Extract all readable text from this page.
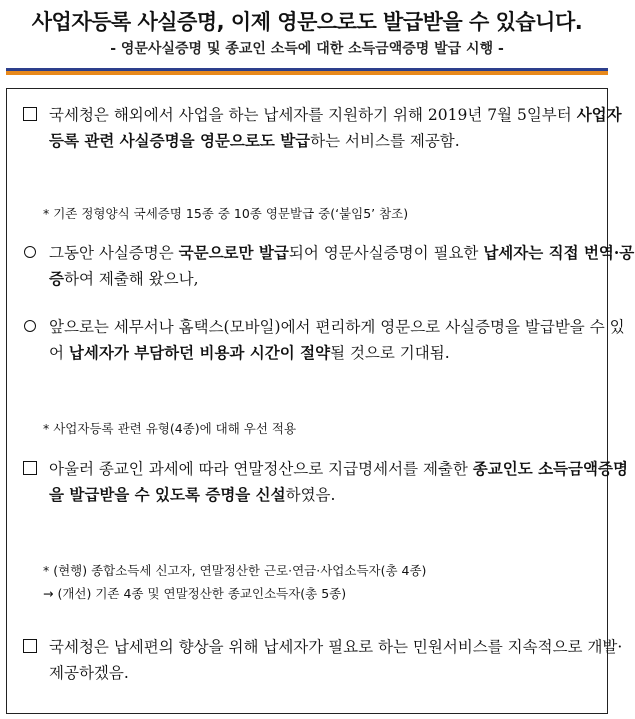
사업자등록 사실증명, 이제 영문으로도 발급받을 수 있습니다.
- 영문사실증명 및 종교인 소득에 대한 소득금액증명 발급 시행 -
국세청은 해외에서 사업을 하는 납세자를 지원하기 위해 2019년 7월 5일부터 사업자등록 관련 사실증명을 영문으로도 발급하는 서비스를 제공함.
* 기존 정형양식 국세증명 15종 중 10종 영문발급 중(‘붙임5’ 참조)
그동안 사실증명은 국문으로만 발급되어 영문사실증명이 필요한 납세자는 직접 번역·공증하여 제출해 왔으나,
앞으로는 세무서나 홈택스(모바일)에서 편리하게 영문으로 사실증명을 발급받을 수 있어 납세자가 부담하던 비용과 시간이 절약될 것으로 기대됨.
* 사업자등록 관련 유형(4종)에 대해 우선 적용
아울러 종교인 과세에 따라 연말정산으로 지급명세서를 제출한 종교인도 소득금액증명을 발급받을 수 있도록 증명을 신설하였음.
* (현행) 종합소득세 신고자, 연말정산한 근로·연금·사업소득자(총 4종)
→ (개선) 기존 4종 및 연말정산한 종교인소득자(총 5종)
국세청은 납세편의 향상을 위해 납세자가 필요로 하는 민원서비스를 지속적으로 개발·제공하겠음.
